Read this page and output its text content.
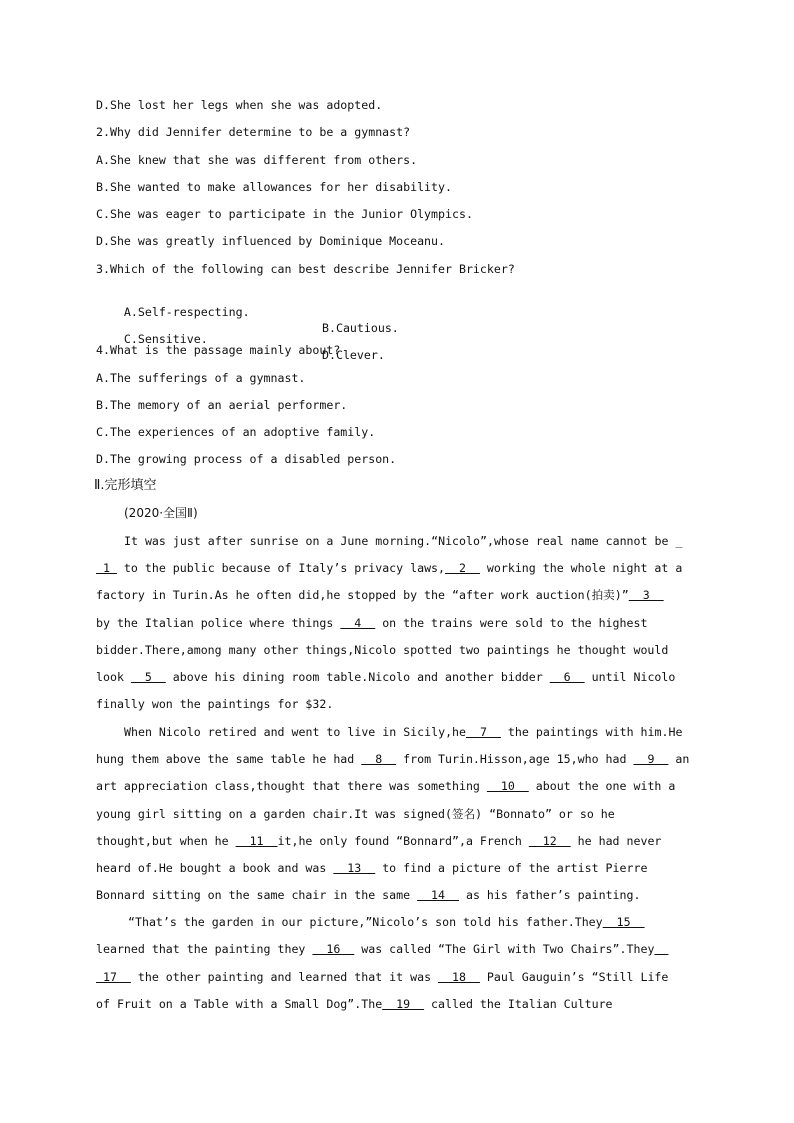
D.She lost her legs when she was adopted.
2.Why did Jennifer determine to be a gymnast?
A.She knew that she was different from others.
B.She wanted to make allowances for her disability.
C.She was eager to participate in the Junior Olympics.
D.She was greatly influenced by Dominique Moceanu.
3.Which of the following can best describe Jennifer Bricker?

A.Self-respecting.

B.Cautious.

C.Sensitive.

D.Clever.

4.What is the passage mainly about?
A.The sufferings of a gymnast.
B.The memory of an aerial performer.
C.The experiences of an adoptive family.
D.The growing process of a disabled person.
Ⅱ.完形填空
(2020·全国Ⅱ)
It was just after sunrise on a June morning.“Nicolo”,whose real name cannot be _
1  to the public because of Italy’s privacy laws,  2   working the whole night at a
factory in Turin.As he often did,he stopped by the “after work auction(拍卖)”  3
by the Italian police where things   4   on the trains were sold to the highest
bidder.There,among many other things,Nicolo spotted two paintings he thought would
look   5   above his dining room table.Nicolo and another bidder   6   until Nicolo
finally won the paintings for $32.
When Nicolo retired and went to live in Sicily,he  7   the paintings with him.He
hung them above the same table he had   8   from Turin.Hisson,age 15,who had   9   an
art appreciation class,thought that there was something   10   about the one with a
young girl sitting on a garden chair.It was signed(签名) “Bonnato” or so he
thought,but when he   11  it,he only found “Bonnard”,a French   12   he had never
heard of.He bought a book and was   13   to find a picture of the artist Pierre
Bonnard sitting on the same chair in the same   14   as his father’s painting.
“That’s the garden in our picture,”Nicolo’s son told his father.They  15
learned that the painting they   16   was called “The Girl with Two Chairs”.They
17   the other painting and learned that it was   18   Paul Gauguin’s “Still Life
of Fruit on a Table with a Small Dog”.The  19   called the Italian Culture
